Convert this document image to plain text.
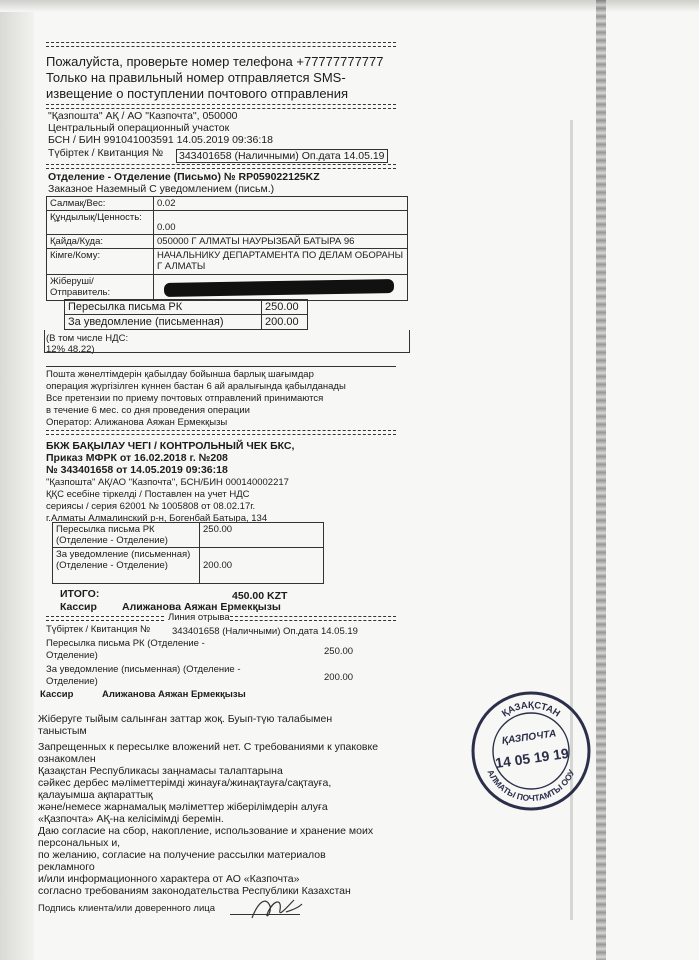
Пожалуйста, проверьте номер телефона +77777777777
Только на правильный номер отправляется SMS-
извещение о поступлении почтового отправления
"Қазпошта" АҚ / АО "Казпочта", 050000
Центральный операционный участок
БСН / БИН 991041003591 14.05.2019 09:36:18
Түбіртек / Квитанция № 343401658 (Наличными) Оп.дата 14.05.19
Отделение - Отделение (Письмо) № RP059022125KZ
Заказное Наземный С уведомлением (письм.)
Салмақ/Вес:	0.02
Құндылық/Ценность:	0.00
Қайда/Куда:	050000 Г АЛМАТЫ НАУРЫЗБАЙ БАТЫРА 96
Кімге/Кому:	НАЧАЛЬНИКУ ДЕПАРТАМЕНТА ПО ДЕЛАМ ОБОРАНЫ Г АЛМАТЫ
Жіберуші/ Отправитель:	
Пересылка письма РК	250.00
За уведомление (письменная)	200.00
(В том числе НДС: 12% 48.22)
Пошта жөнелтімдерін қабылдау бойынша барлық шағымдар
операция жүргізілген күннен бастан 6 ай аралығында қабылданады
Все претензии по приему почтовых отправлений принимаются
в течение 6 мес. со дня проведения операции
Оператор: Алижанова Аяжан Ермекқызы
БКЖ БАҚЫЛАУ ЧЕГІ / КОНТРОЛЬНЫЙ ЧЕК БКС,
Приказ МФРК от 16.02.2018 г. №208
№ 343401658 от 14.05.2019 09:36:18
"Қазпошта" АҚ/АО "Казпочта", БСН/БИН 000140002217
ҚҚС есебіне тіркелді / Поставлен на учет НДС
сериясы / серия 62001 № 1005808 от 08.02.17г.
г.Алматы Алмалинский р-н, Богенбай Батыра, 134
Пересылка письма РК (Отделение - Отделение)	250.00
За уведомление (письменная) (Отделение - Отделение)	200.00
ИТОГО:	450.00 KZT
Кассир Алижанова Аяжан Ермекқызы
Линия отрыва
Түбіртек / Квитанция № 343401658 (Наличными) Оп.дата 14.05.19
Пересылка письма РК (Отделение -
Отделение)	250.00
За уведомление (письменная) (Отделение -
Отделение)	200.00
Кассир	Алижанова Аяжан Ермекқызы
Жіберуге тыйым салынған заттар жоқ. Буып-түю талабымен
таныстым
Запрещенных к пересылке вложений нет. С требованиями к упаковке
ознакомлен
Қазақстан Республикасы заңнамасы талаптарына
сәйкес дербес мәліметтерімді жинауға/жинақтауға/сақтауға,
қалауымша ақпараттық
және/немесе жарнамалық мәліметтер жіберілімдерін алуға
«Қазпочта» АҚ-на келісімімді беремін.
Даю согласие на сбор, накопление, использование и хранение моих
персональных и,
по желанию, согласие на получение рассылки материалов
рекламного
и/или информационного характера от АО «Казпочта»
согласно требованиям законодательства Республики Казахстан
Подпись клиента/или доверенного лица
ҚАЗАҚСТАН
АЛМАТЫ ПОЧТАМТЫ ООУ
ҚАЗПОЧТА
14 05 19 19
